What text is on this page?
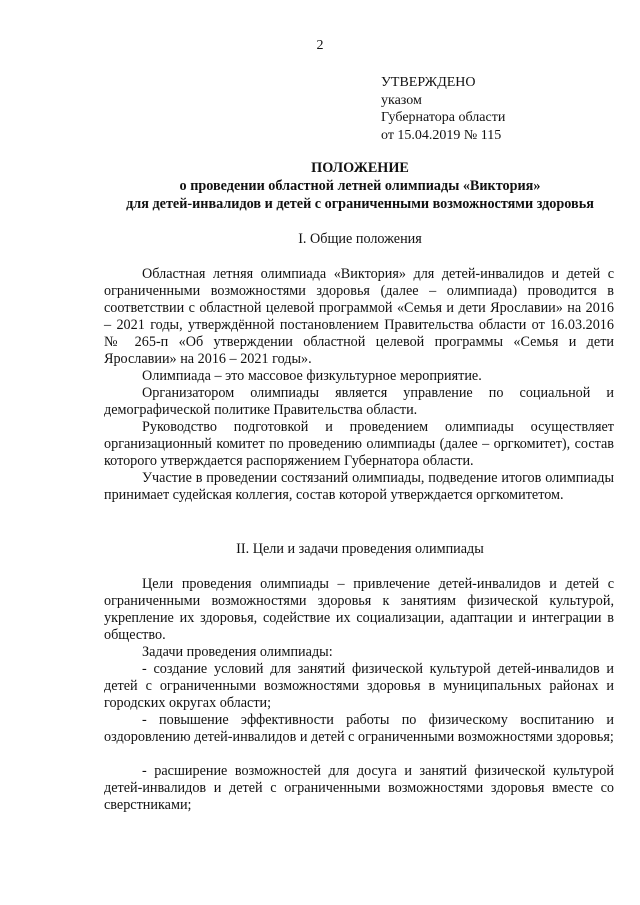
2
УТВЕРЖДЕНО
указом
Губернатора области
от 15.04.2019 № 115
ПОЛОЖЕНИЕ
о проведении областной летней олимпиады «Виктория»
для детей-инвалидов и детей с ограниченными возможностями здоровья
I. Общие положения
Областная летняя олимпиада «Виктория» для детей-инвалидов и детей с ограниченными возможностями здоровья (далее – олимпиада) проводится в соответствии с областной целевой программой «Семья и дети Ярославии» на 2016 – 2021 годы, утверждённой постановлением Правительства области от 16.03.2016 № 265-п «Об утверждении областной целевой программы «Семья и дети Ярославии» на 2016 – 2021 годы».
Олимпиада – это массовое физкультурное мероприятие.
Организатором олимпиады является управление по социальной и демографической политике Правительства области.
Руководство подготовкой и проведением олимпиады осуществляет организационный комитет по проведению олимпиады (далее – оргкомитет), состав которого утверждается распоряжением Губернатора области.
Участие в проведении состязаний олимпиады, подведение итогов олимпиады принимает судейская коллегия, состав которой утверждается оргкомитетом.
II. Цели и задачи проведения олимпиады
Цели проведения олимпиады – привлечение детей-инвалидов и детей с ограниченными возможностями здоровья к занятиям физической культурой, укрепление их здоровья, содействие их социализации, адаптации и интеграции в общество.
Задачи проведения олимпиады:
- создание условий для занятий физической культурой детей-инвалидов и детей с ограниченными возможностями здоровья в муниципальных районах и городских округах области;
- повышение эффективности работы по физическому воспитанию и оздоровлению детей-инвалидов и детей с ограниченными возможностями здоровья;
- расширение возможностей для досуга и занятий физической культурой детей-инвалидов и детей с ограниченными возможностями здоровья вместе со сверстниками;
